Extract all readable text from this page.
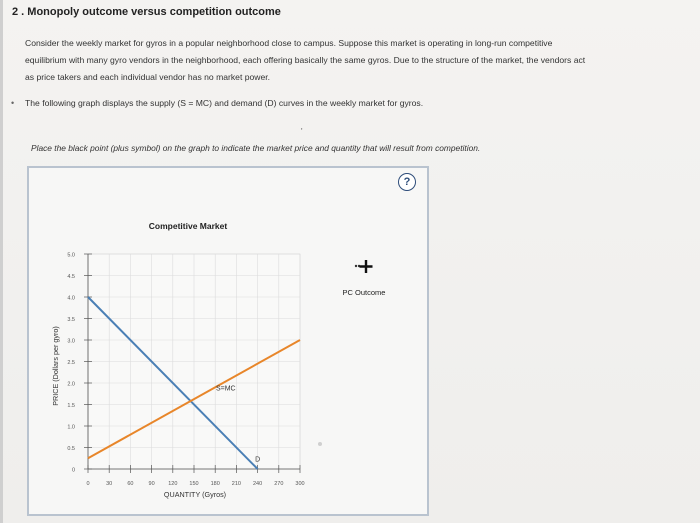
2 . Monopoly outcome versus competition outcome
Consider the weekly market for gyros in a popular neighborhood close to campus. Suppose this market is operating in long-run competitive
equilibrium with many gyro vendors in the neighborhood, each offering basically the same gyros. Due to the structure of the market, the vendors act
as price takers and each individual vendor has no market power.
• The following graph displays the supply (S = MC) and demand (D) curves in the weekly market for gyros.
'
Place the black point (plus symbol) on the graph to indicate the market price and quantity that will result from competition.
?
Competitive Market
0
0.5
1.0
1.5
2.0
2.5
3.0
3.5
4.0
4.5
5.0
0	30	60	90 120 150 180 210 240 270 300
S=MC
D
PRICE (Dollars per gyro)
QUANTITY (Gyros)
PC Outcome
